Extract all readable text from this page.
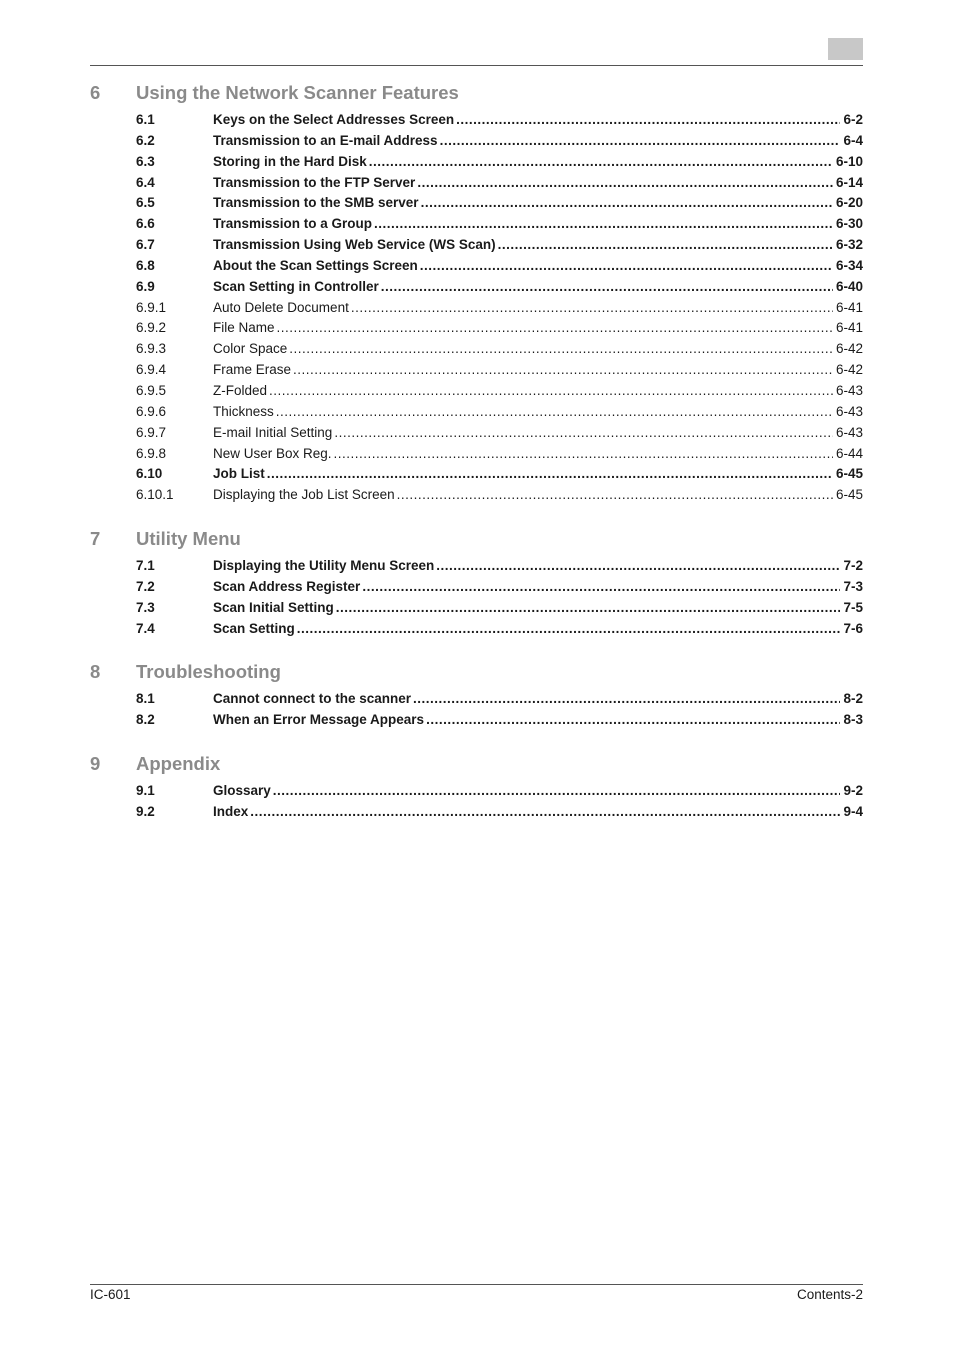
6	Using the Network Scanner Features
6.1	Keys on the Select Addresses Screen .....	6-2
6.2	Transmission to an E-mail Address .....	6-4
6.3	Storing in the Hard Disk .....	6-10
6.4	Transmission to the FTP Server .....	6-14
6.5	Transmission to the SMB server .....	6-20
6.6	Transmission to a Group .....	6-30
6.7	Transmission Using Web Service (WS Scan) .....	6-32
6.8	About the Scan Settings Screen .....	6-34
6.9	Scan Setting in Controller .....	6-40
6.9.1	Auto Delete Document .....	6-41
6.9.2	File Name .....	6-41
6.9.3	Color Space .....	6-42
6.9.4	Frame Erase .....	6-42
6.9.5	Z-Folded .....	6-43
6.9.6	Thickness .....	6-43
6.9.7	E-mail Initial Setting .....	6-43
6.9.8	New User Box Reg. .....	6-44
6.10	Job List .....	6-45
6.10.1	Displaying the Job List Screen .....	6-45
7	Utility Menu
7.1	Displaying the Utility Menu Screen .....	7-2
7.2	Scan Address Register .....	7-3
7.3	Scan Initial Setting .....	7-5
7.4	Scan Setting .....	7-6
8	Troubleshooting
8.1	Cannot connect to the scanner .....	8-2
8.2	When an Error Message Appears .....	8-3
9	Appendix
9.1	Glossary .....	9-2
9.2	Index .....	9-4
IC-601	Contents-2
